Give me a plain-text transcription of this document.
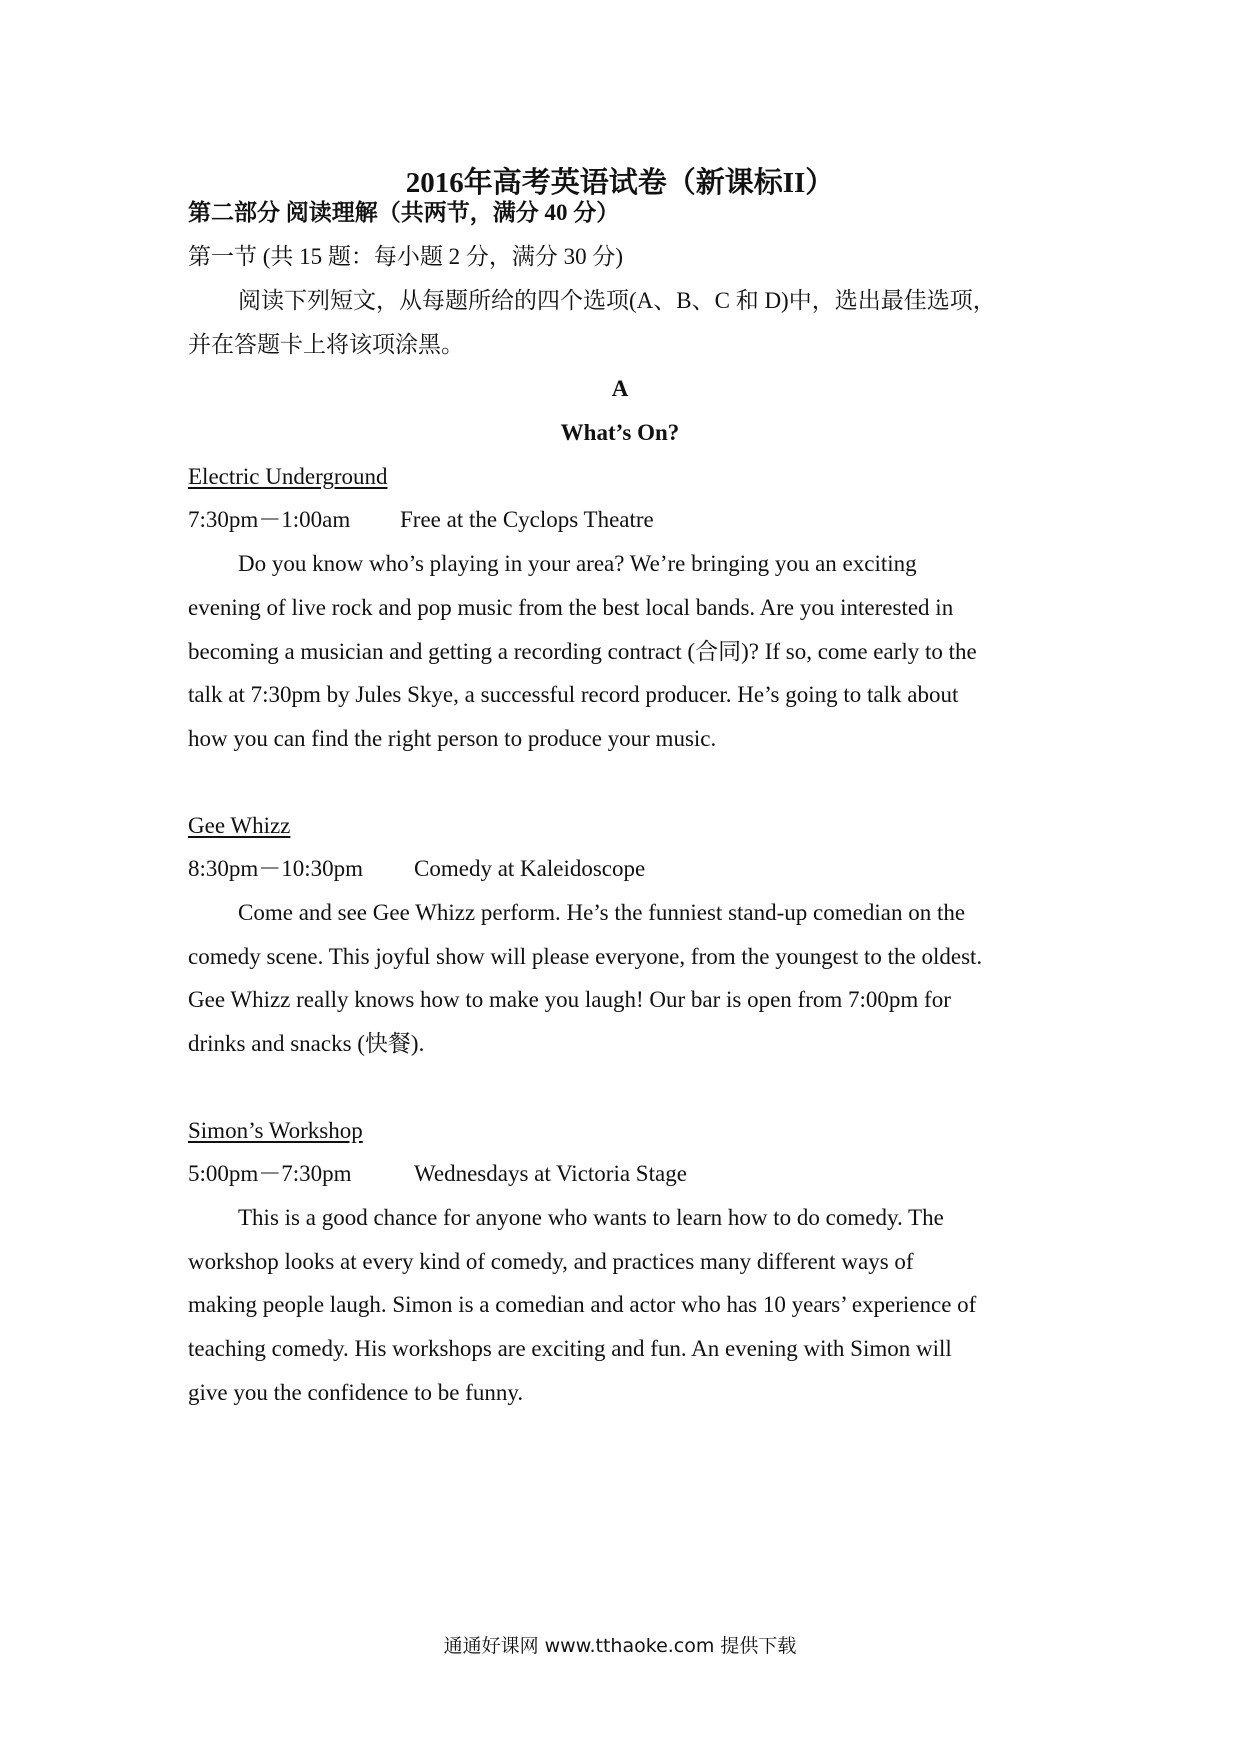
2016年高考英语试卷（新课标II）
第二部分 阅读理解（共两节，满分 40 分）
第一节 (共 15 题：每小题 2 分，满分 30 分)
阅读下列短文，从每题所给的四个选项(A、B、C 和 D)中，选出最佳选项，
并在答题卡上将该项涂黑。
A
What’s On?
Electric Underground
7:30pm－1:00am Free at the Cyclops Theatre
Do you know who’s playing in your area? We’re bringing you an exciting
evening of live rock and pop music from the best local bands. Are you interested in
becoming a musician and getting a recording contract (合同)? If so, come early to the
talk at 7:30pm by Jules Skye, a successful record producer. He’s going to talk about
how you can find the right person to produce your music.
Gee Whizz
8:30pm－10:30pm Comedy at Kaleidoscope
Come and see Gee Whizz perform. He’s the funniest stand-up comedian on the
comedy scene. This joyful show will please everyone, from the youngest to the oldest.
Gee Whizz really knows how to make you laugh! Our bar is open from 7:00pm for
drinks and snacks (快餐).
Simon’s Workshop
5:00pm－7:30pm	Wednesdays at Victoria Stage
This is a good chance for anyone who wants to learn how to do comedy. The
workshop looks at every kind of comedy, and practices many different ways of
making people laugh. Simon is a comedian and actor who has 10 years’ experience of
teaching comedy. His workshops are exciting and fun. An evening with Simon will
give you the confidence to be funny.
通通好课网 www.tthaoke.com 提供下载
